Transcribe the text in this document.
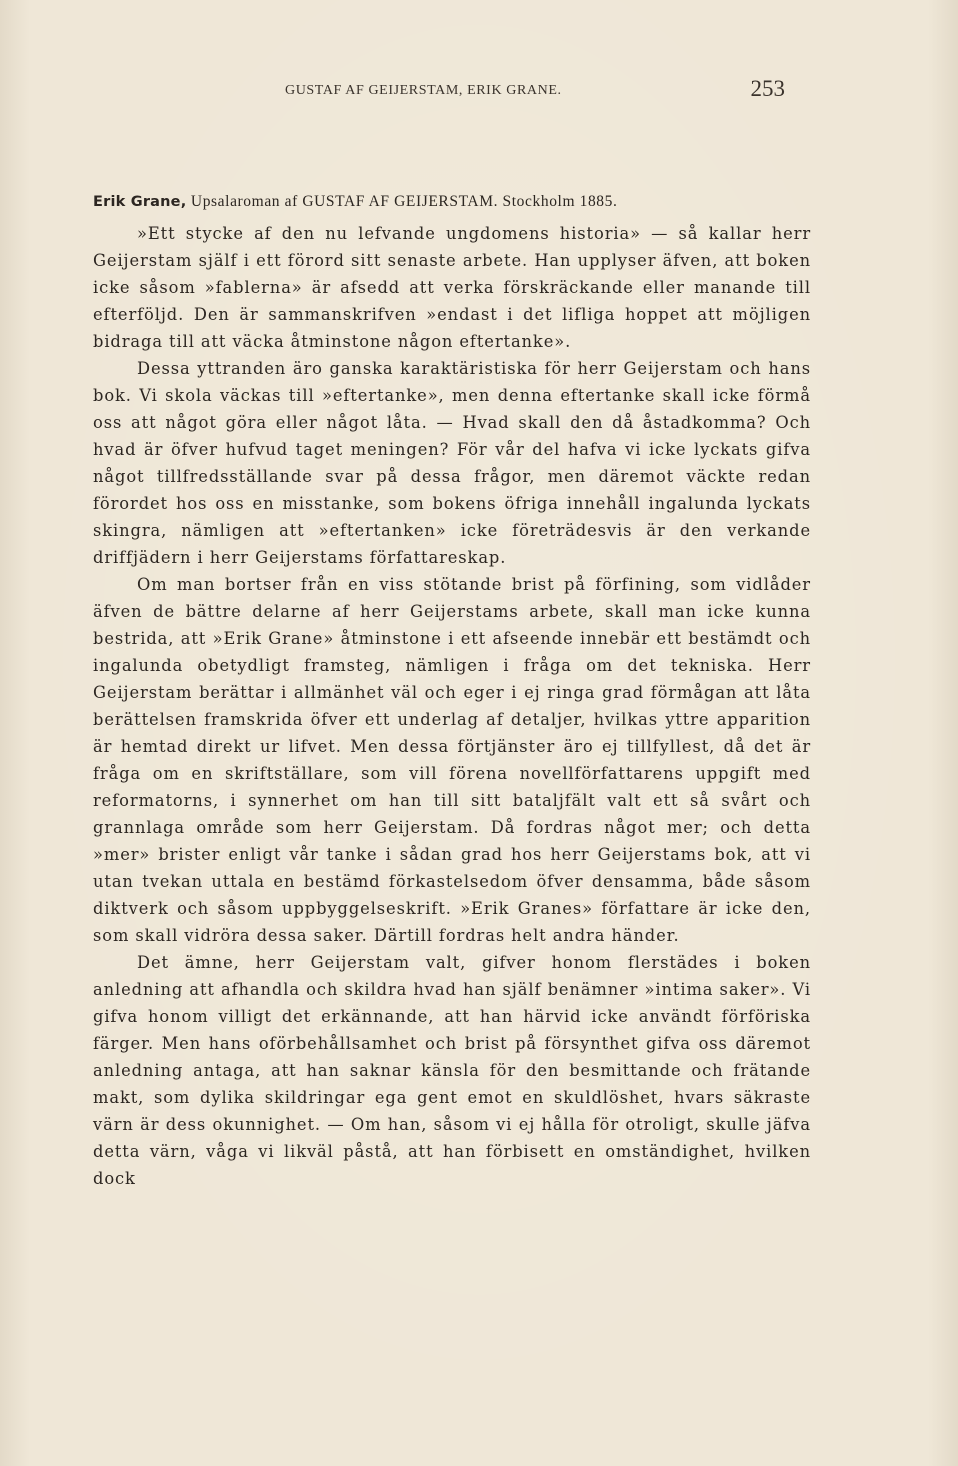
GUSTAF AF GEIJERSTAM, ERIK GRANE.	253

Erik Grane, Upsalaroman af GUSTAF AF GEIJERSTAM. Stockholm 1885.

»Ett stycke af den nu lefvande ungdomens historia» — så kallar herr Geijerstam själf i ett förord sitt senaste arbete. Han upplyser äfven, att boken icke såsom »fablerna» är afsedd att verka förskräckande eller manande till efterföljd. Den är sammanskrifven »endast i det lifliga hoppet att möjligen bidraga till att väcka åtminstone någon eftertanke».

Dessa yttranden äro ganska karaktäristiska för herr Geijerstam och hans bok. Vi skola väckas till »eftertanke», men denna eftertanke skall icke förmå oss att något göra eller något låta. — Hvad skall den då åstadkomma? Och hvad är öfver hufvud taget meningen? För vår del hafva vi icke lyckats gifva något tillfredsställande svar på dessa frågor, men däremot väckte redan förordet hos oss en misstanke, som bokens öfriga innehåll ingalunda lyckats skingra, nämligen att »eftertanken» icke företrädesvis är den verkande driffjädern i herr Geijerstams författareskap.

Om man bortser från en viss stötande brist på förfining, som vidlåder äfven de bättre delarne af herr Geijerstams arbete, skall man icke kunna bestrida, att »Erik Grane» åtminstone i ett afseende innebär ett bestämdt och ingalunda obetydligt framsteg, nämligen i fråga om det tekniska. Herr Geijerstam berättar i allmänhet väl och eger i ej ringa grad förmågan att låta berättelsen framskrida öfver ett underlag af detaljer, hvilkas yttre apparition är hemtad direkt ur lifvet. Men dessa förtjänster äro ej tillfyllest, då det är fråga om en skriftställare, som vill förena novellförfattarens uppgift med reformatorns, i synnerhet om han till sitt bataljfält valt ett så svårt och grannlaga område som herr Geijerstam. Då fordras något mer; och detta »mer» brister enligt vår tanke i sådan grad hos herr Geijerstams bok, att vi utan tvekan uttala en bestämd förkastelsedom öfver densamma, både såsom diktverk och såsom uppbyggelseskrift. »Erik Granes» författare är icke den, som skall vidröra dessa saker. Därtill fordras helt andra händer.

Det ämne, herr Geijerstam valt, gifver honom flerstädes i boken anledning att afhandla och skildra hvad han själf benämner »intima saker». Vi gifva honom villigt det erkännande, att han härvid icke användt förföriska färger. Men hans oförbehållsamhet och brist på försynthet gifva oss däremot anledning antaga, att han saknar känsla för den besmittande och frätande makt, som dylika skildringar ega gent emot en skuldlöshet, hvars säkraste värn är dess okunnighet. — Om han, såsom vi ej hålla för otroligt, skulle jäfva detta värn, våga vi likväl påstå, att han förbisett en omständighet, hvilken dock
